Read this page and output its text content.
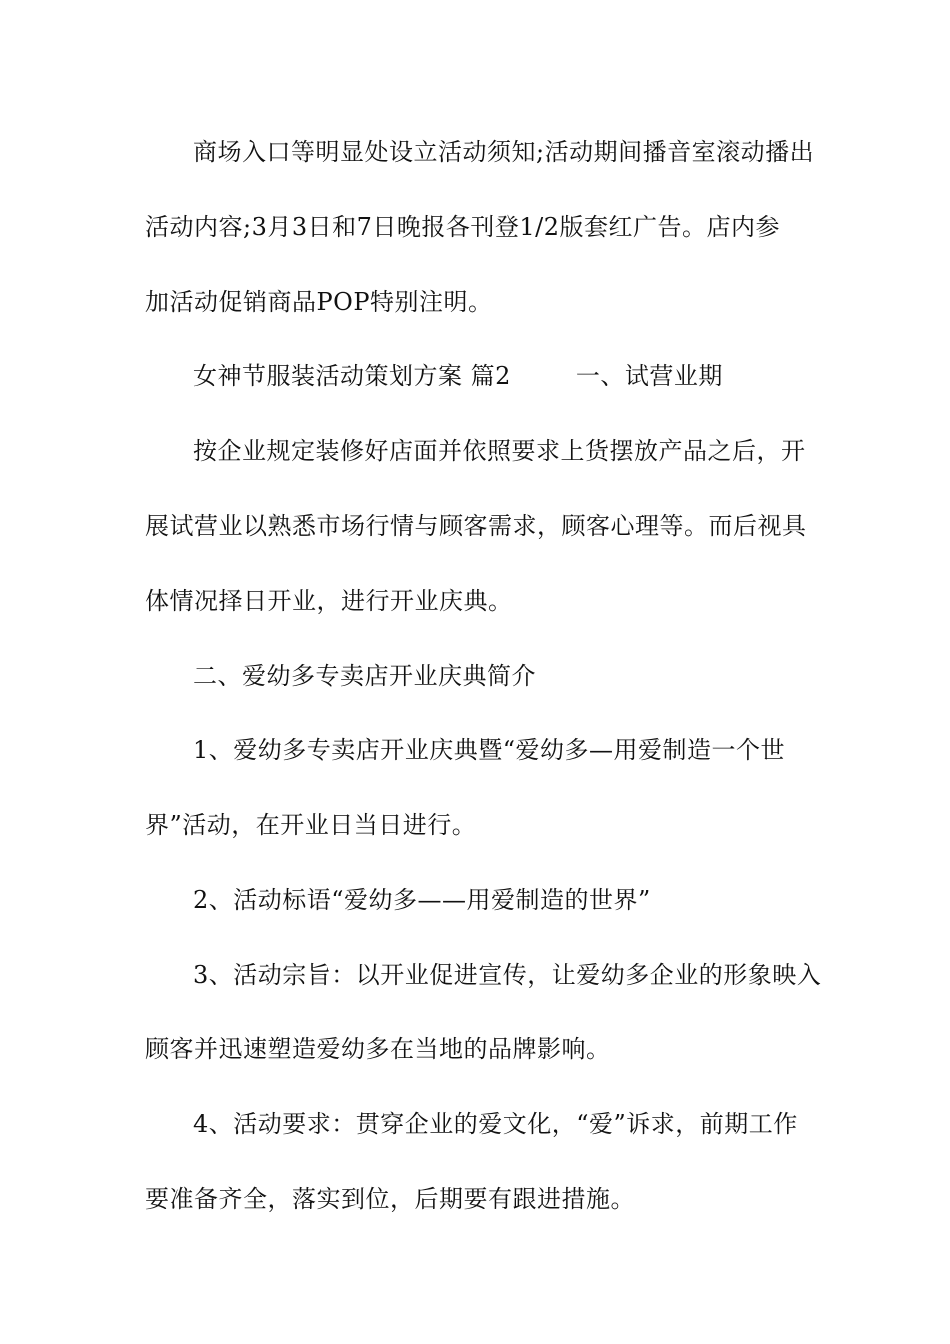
商场入口等明显处设立活动须知;活动期间播音室滚动播出
活动内容;3月3日和7日晚报各刊登1/2版套红广告。店内参
加活动促销商品POP特别注明。
女神节服装活动策划方案 篇2        一、试营业期
按企业规定装修好店面并依照要求上货摆放产品之后，开
展试营业以熟悉市场行情与顾客需求，顾客心理等。而后视具
体情况择日开业，进行开业庆典。
二、爱幼多专卖店开业庆典简介
1、爱幼多专卖店开业庆典暨“爱幼多—用爱制造一个世
界”活动，在开业日当日进行。
2、活动标语“爱幼多——用爱制造的世界”
3、活动宗旨：以开业促进宣传，让爱幼多企业的形象映入
顾客并迅速塑造爱幼多在当地的品牌影响。
4、活动要求：贯穿企业的爱文化，“爱”诉求，前期工作
要准备齐全，落实到位，后期要有跟进措施。
